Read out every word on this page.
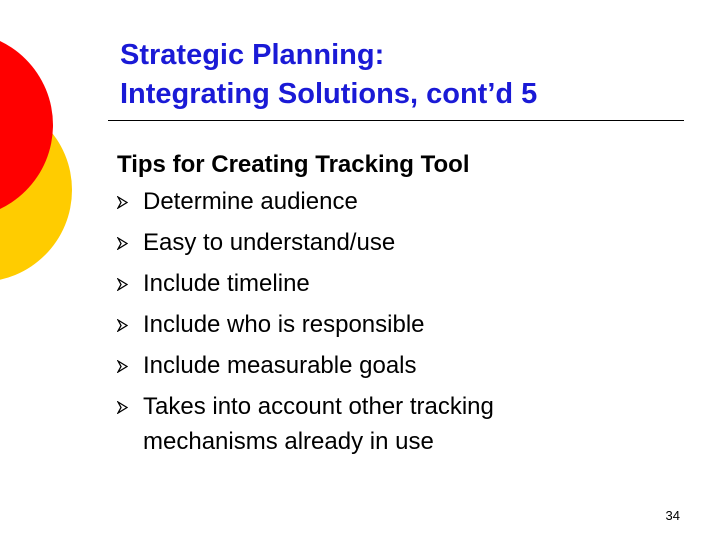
Strategic Planning:
Integrating Solutions, cont’d 5
Tips for Creating Tracking Tool
Determine audience
Easy to understand/use
Include timeline
Include who is responsible
Include measurable goals
Takes into account other tracking
mechanisms already in use
34
